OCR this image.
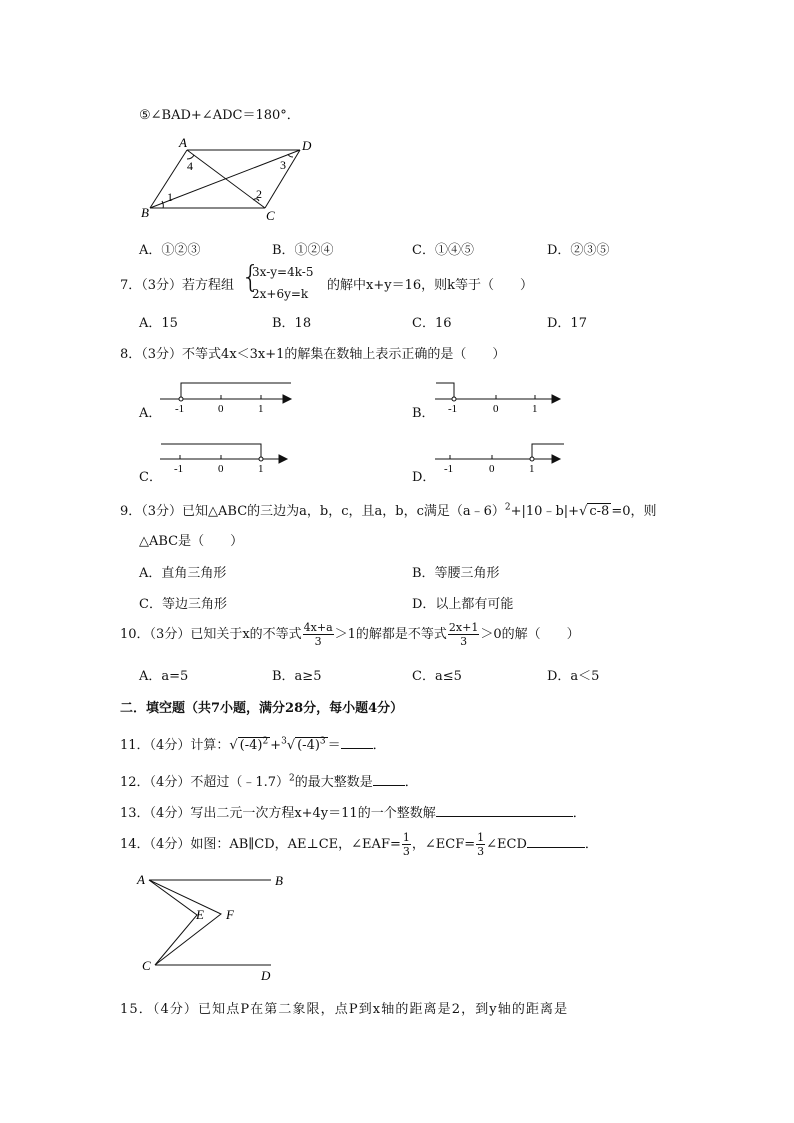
⑤∠BAD+∠ADC＝180°．
A	D
B	C
4	3
1	2
A．①②③	B．①②④	C．①④⑤	D．②③⑤
7．（3分）若方程组 {
3x-y=4k-5
2x+6y=k
的解中x+y＝16，则k等于（　　）
A．15	B．18	C．16	D．17
8．（3分）不等式4x＜3x+1的解集在数轴上表示正确的是（　　）
A． -1	0	1	B． -1	0	1
C．
-1	0	1
D．
-1	0	1
9．（3分）已知△ABC的三边为a，b，c，且a，b，c满足（a﹣6）$^2$+|10﹣b|+√ c-8 =0，则
△ABC是（　　）
A．直角三角形	B．等腰三角形
C．等边三角形	D．以上都有可能
10．（3分）已知关于x的不等式 $\frac{4x+a}{3} >1$的解都是不等式 $\frac{2x+1}{3} >0$的解（　　）
A．a=5	B．a≥5	C．a≤5	D．a＜5
二．填空题（共7小题，满分28分，每小题4分）
11．（4分）计算：√ $(-4)^2 +^3√$ $(-4)^3$ ＝ ．
12．（4分）不超过（﹣1.7）$^2$的最大整数是 ．
13．（4分）写出二元一次方程x+4y＝11的一个整数解	．
14．（4分）如图：AB∥CD，AE⊥CE，∠EAF= $\frac{1}{3}$ ，∠ECF= $\frac{1}{3}$ ∠ECD	．
A	B
C
D
E F
15．（4分）已知点P在第二象限，点P到x轴的距离是2，到y轴的距离是
